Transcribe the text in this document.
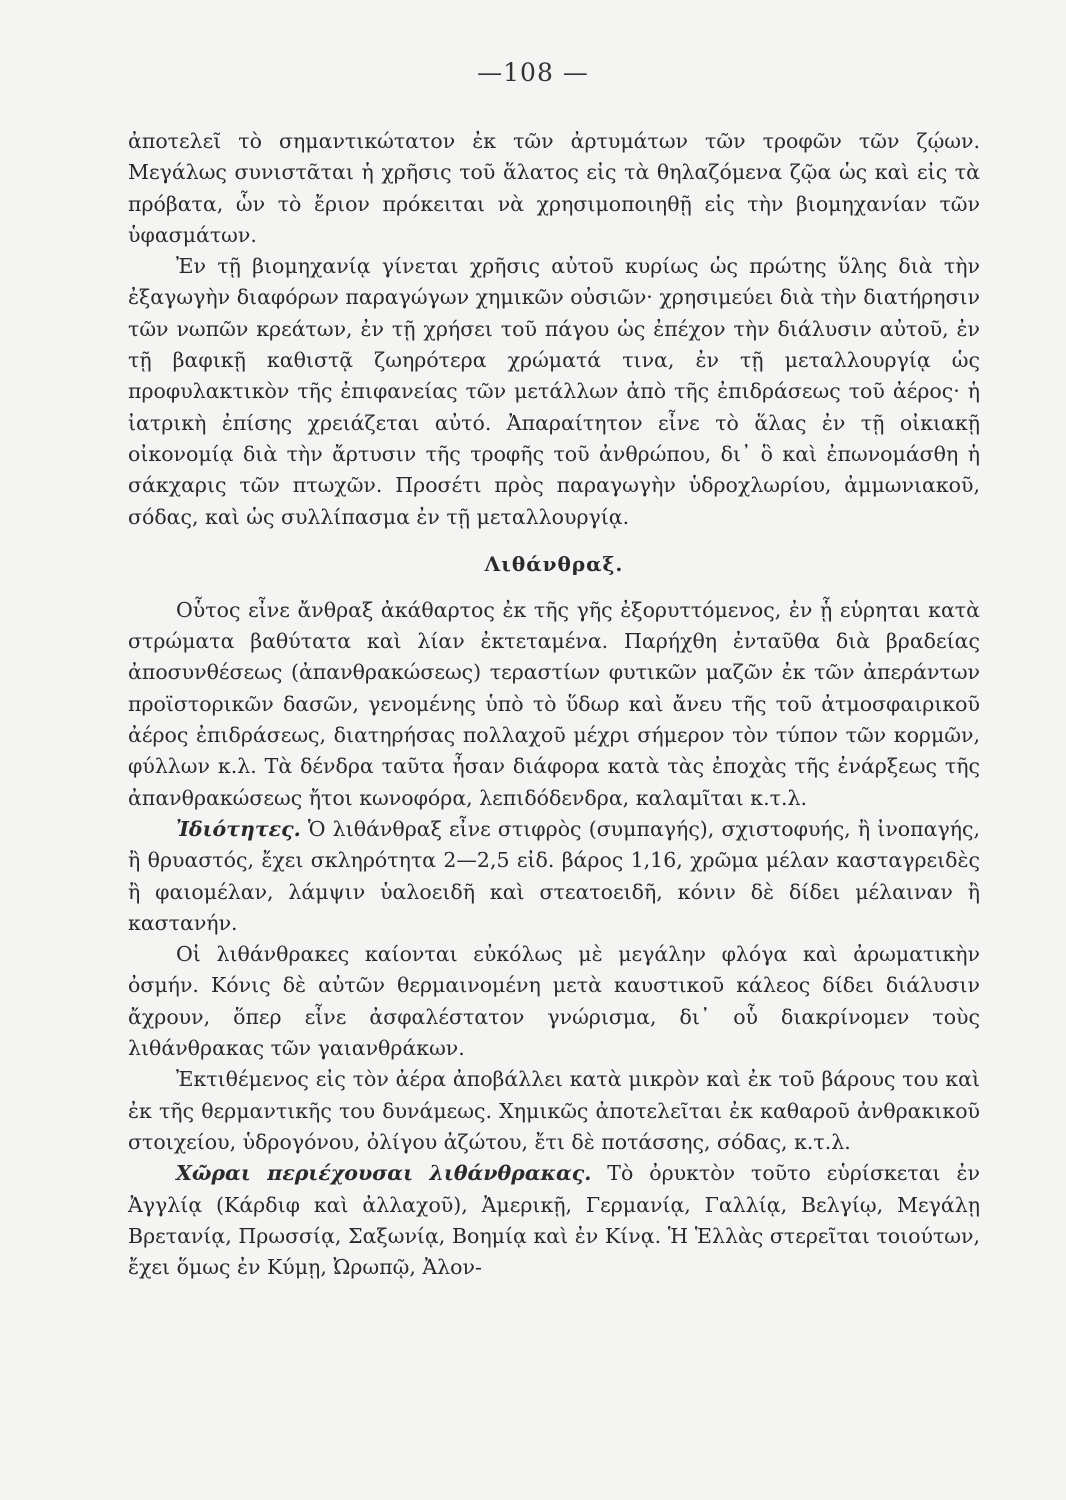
—108 —

ἀποτελεῖ τὸ σημαντικώτατον ἐκ τῶν ἀρτυμάτων τῶν τροφῶν τῶν ζῴων. Μεγάλως συνιστᾶται ἡ χρῆσις τοῦ ἅλατος εἰς τὰ θηλαζόμενα ζῷα ὡς καὶ εἰς τὰ πρόβατα, ὧν τὸ ἔριον πρόκειται νὰ χρησιμοποιηθῇ εἰς τὴν βιομηχανίαν τῶν ὑφασμάτων.

Ἐν τῇ βιομηχανίᾳ γίνεται χρῆσις αὐτοῦ κυρίως ὡς πρώτης ὕλης διὰ τὴν ἐξαγωγὴν διαφόρων παραγώγων χημικῶν οὐσιῶν· χρησιμεύει διὰ τὴν διατήρησιν τῶν νωπῶν κρεάτων, ἐν τῇ χρήσει τοῦ πάγου ὡς ἐπέχον τὴν διάλυσιν αὐτοῦ, ἐν τῇ βαφικῇ καθιστᾷ ζωηρότερα χρώματά τινα, ἐν τῇ μεταλλουργίᾳ ὡς προφυλακτικὸν τῆς ἐπιφανείας τῶν μετάλλων ἀπὸ τῆς ἐπιδράσεως τοῦ ἀέρος· ἡ ἰατρικὴ ἐπίσης χρειάζεται αὐτό. Ἀπαραίτητον εἶνε τὸ ἅλας ἐν τῇ οἰκιακῇ οἰκονομίᾳ διὰ τὴν ἄρτυσιν τῆς τροφῆς τοῦ ἀνθρώπου, δι᾿ ὃ καὶ ἐπωνομάσθη ἡ σάκχαρις τῶν πτωχῶν. Προσέτι πρὸς παραγωγὴν ὑδροχλωρίου, ἀμμωνιακοῦ, σόδας, καὶ ὡς συλλίπασμα ἐν τῇ μεταλλουργίᾳ.

Λιθάνθραξ.

Οὗτος εἶνε ἄνθραξ ἀκάθαρτος ἐκ τῆς γῆς ἐξορυττόμενος, ἐν ᾗ εὑρηται κατὰ στρώματα βαθύτατα καὶ λίαν ἐκτεταμένα. Παρήχθη ἐνταῦθα διὰ βραδείας ἀποσυνθέσεως (ἀπανθρακώσεως) τεραστίων φυτικῶν μαζῶν ἐκ τῶν ἀπεράντων προϊστορικῶν δασῶν, γενομένης ὑπὸ τὸ ὕδωρ καὶ ἄνευ τῆς τοῦ ἀτμοσφαιρικοῦ ἀέρος ἐπιδράσεως, διατηρήσας πολλαχοῦ μέχρι σήμερον τὸν τύπον τῶν κορμῶν, φύλλων κ.λ. Τὰ δένδρα ταῦτα ἦσαν διάφορα κατὰ τὰς ἐποχὰς τῆς ἐνάρξεως τῆς ἀπανθρακώσεως ἤτοι κωνοφόρα, λεπιδόδενδρα, καλαμῖται κ.τ.λ.

Ἰδιότητες. Ὁ λιθάνθραξ εἶνε στιφρὸς (συμπαγής), σχιστοφυής, ἢ ἰνοπαγής, ἢ θρυαστός, ἔχει σκληρότητα 2—2,5 εἰδ. βάρος 1,16, χρῶμα μέλαν κασταγρειδὲς ἢ φαιομέλαν, λάμψιν ὑαλοειδῆ καὶ στεατοειδῆ, κόνιν δὲ δίδει μέλαιναν ἢ καστανήν.

Οἱ λιθάνθρακες καίονται εὐκόλως μὲ μεγάλην φλόγα καὶ ἀρωματικὴν ὀσμήν. Κόνις δὲ αὐτῶν θερμαινομένη μετὰ καυστικοῦ κάλεος δίδει διάλυσιν ἄχρουν, ὅπερ εἶνε ἀσφαλέστατον γνώρισμα, δι᾿ οὗ διακρίνομεν τοὺς λιθάνθρακας τῶν γαιανθράκων.

Ἐκτιθέμενος εἰς τὸν ἀέρα ἀποβάλλει κατὰ μικρὸν καὶ ἐκ τοῦ βάρους του καὶ ἐκ τῆς θερμαντικῆς του δυνάμεως. Χημικῶς ἀποτελεῖται ἐκ καθαροῦ ἀνθρακικοῦ στοιχείου, ὑδρογόνου, ὀλίγου ἀζώτου, ἔτι δὲ ποτάσσης, σόδας, κ.τ.λ.

Χῶραι περιέχουσαι λιθάνθρακας. Τὸ ὀρυκτὸν τοῦτο εὑρίσκεται ἐν Ἀγγλίᾳ (Κάρδιφ καὶ ἀλλαχοῦ), Ἀμερικῇ, Γερμανίᾳ, Γαλλίᾳ, Βελγίῳ, Μεγάλῃ Βρετανίᾳ, Πρωσσίᾳ, Σαξωνίᾳ, Βοημίᾳ καὶ ἐν Κίνᾳ. Ἡ Ἑλλὰς στερεῖται τοιούτων, ἔχει ὅμως ἐν Κύμῃ, Ὠρωπῷ, Ἀλον-
